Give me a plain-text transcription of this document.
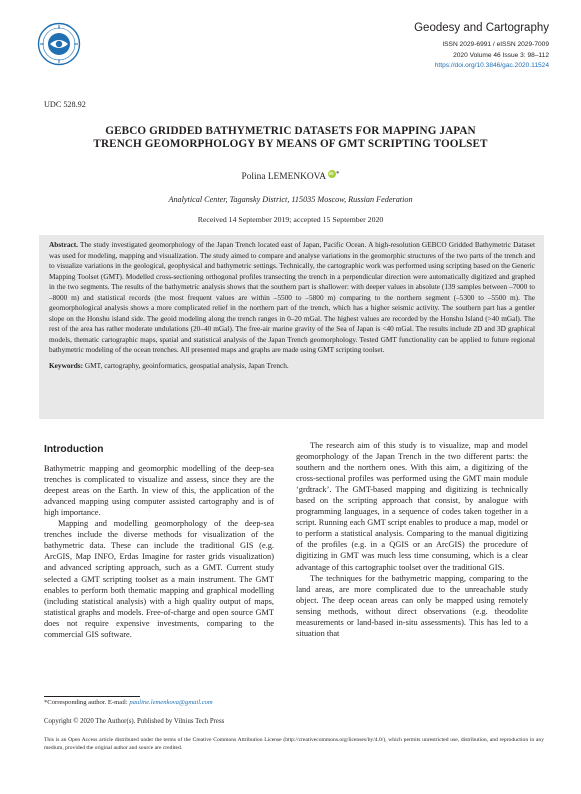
Geodesy and Cartography
ISSN 2029-6991 / eISSN 2029-7009
2020 Volume 46 Issue 3: 98–112
https://doi.org/10.3846/gac.2020.11524
UDC 528.92
GEBCO GRIDDED BATHYMETRIC DATASETS FOR MAPPING JAPAN
TRENCH GEOMORPHOLOGY BY MEANS OF GMT SCRIPTING TOOLSET
Polina LEMENKOVAiD *
Analytical Center, Tagansky District, 115035 Moscow, Russian Federation
Received 14 September 2019; accepted 15 September 2020

Abstract. The study investigated geomorphology of the Japan Trench located east of Japan, Pacific Ocean. A high-resolution GEBCO Gridded Bathymetric Dataset was used for modeling, mapping and visualization. The study aimed to compare and analyse variations in the geomorphic structures of the two parts of the trench and to visualize variations in the geological, geophysical and bathymetric settings. Technically, the cartographic work was performed using scripting based on the Generic Mapping Toolset (GMT). Modelled cross-sectioning orthogonal profiles transecting the trench in a perpendicular direction were automatically digitized and graphed in the two segments. The results of the bathymetric analysis shows that the southern part is shallower: with deeper values in absolute (139 samples between –7000 to –8000 m) and statistical records (the most frequent values are within –5500 to –5800 m) comparing to the northern segment (–5300 to –5500 m). The geomorphological analysis shows a more complicated relief in the northern part of the trench, which has a higher seismic activity. The southern part has a gentler slope on the Honshu island side. The geoid modeling along the trench ranges in 0–20 mGal. The highest values are recorded by the Honshu Island (>40 mGal). The rest of the area has rather moderate undulations (20–40 mGal). The free-air marine gravity of the Sea of Japan is <40 mGal. The results include 2D and 3D graphical models, thematic cartographic maps, spatial and statistical analysis of the Japan Trench geomorphology. Tested GMT functionality can be applied to future regional bathymetric modeling of the ocean trenches. All presented maps and graphs are made using GMT scripting toolset.

Keywords: GMT, cartography, geoinformatics, geospatial analysis, Japan Trench.

Introduction

Bathymetric mapping and geomorphic modelling of the deep-sea trenches is complicated to visualize and assess, since they are the deepest areas on the Earth. In view of this, the application of the advanced mapping using computer assisted cartography and is of high importance.

Mapping and modelling geomorphology of the deep-sea trenches include the diverse methods for visualization of the bathymetric data. These can include the traditional GIS (e.g. ArcGIS, Map INFO, Erdas Imagine for raster grids visualization) and advanced scripting approach, such as a GMT. Current study selected a GMT scripting toolset as a main instrument. The GMT enables to perform both thematic mapping and graphical modelling (including statistical analysis) with a high quality output of maps, statistical graphs and models. Free-of-charge and open source GMT does not require expensive investments, comparing to the commercial GIS software.

The research aim of this study is to visualize, map and model geomorphology of the Japan Trench in the two different parts: the southern and the northern ones. With this aim, a digitizing of the cross-sectional profiles was performed using the GMT main module ‘grdtrack’. The GMT-based mapping and digitizing is technically based on the scripting approach that consist, by analogue with programming languages, in a sequence of codes taken together in a script. Running each GMT script enables to produce a map, model or to perform a statistical analysis. Comparing to the manual digitizing of the profiles (e.g. in a QGIS or an ArcGIS) the procedure of digitizing in GMT was much less time consuming, which is a clear advantage of this cartographic toolset over the traditional GIS.

The techniques for the bathymetric mapping, comparing to the land areas, are more complicated due to the unreachable study object. The deep ocean areas can only be mapped using remotely sensing methods, without direct observations (e.g. theodolite measurements or land-based in-situ assessments). This has led to a situation that

*Corresponding author. E-mail: pauline.lemenkova@gmail.com
Copyright © 2020 The Author(s). Published by Vilnius Tech Press
This is an Open Access article distributed under the terms of the Creative Commons Attribution License (http://creativecommons.org/licenses/by/4.0/), which permits unrestricted use, distribution, and reproduction in any medium, provided the original author and source are credited.
